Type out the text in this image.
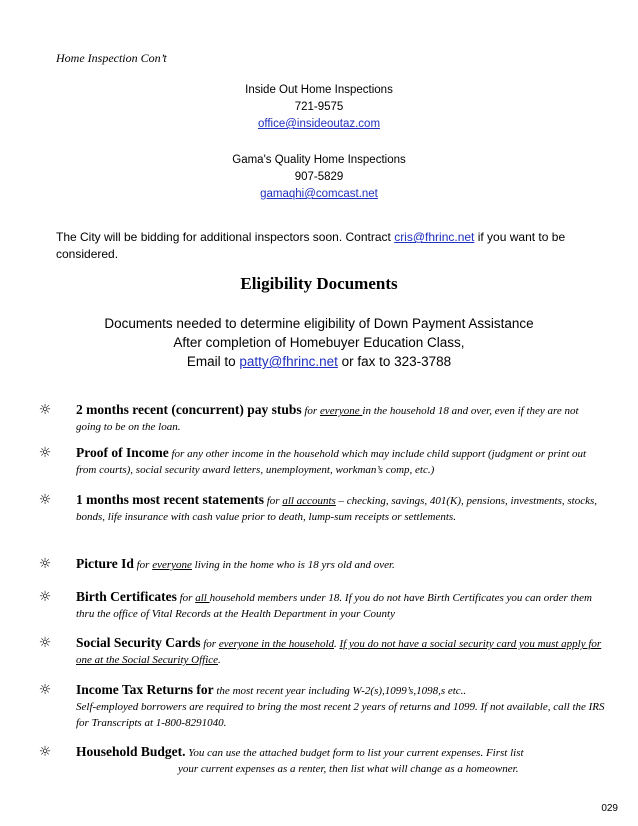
Home Inspection Con’t
Inside Out Home Inspections
721-9575
office@insideoutaz.com
Gama's Quality Home Inspections
907-5829
gamaqhi@comcast.net
The City will be bidding for additional inspectors soon. Contract cris@fhrinc.net if you want to be considered.
Eligibility Documents
Documents needed to determine eligibility of Down Payment Assistance
After completion of Homebuyer Education Class,
Email to patty@fhrinc.net or fax to 323-3788
☼ 2 months recent (concurrent) pay stubs for everyone in the household 18 and over, even if they are not going to be on the loan.
☼ Proof of Income for any other income in the household which may include child support (judgment or print out from courts), social security award letters, unemployment, workman’s comp, etc.)
☼ 1 months most recent statements for all accounts – checking, savings, 401(K), pensions, investments, stocks, bonds, life insurance with cash value prior to death, lump-sum receipts or settlements.
☼ Picture Id for everyone living in the home who is 18 yrs old and over.
☼ Birth Certificates for all household members under 18. If you do not have Birth Certificates you can order them thru the office of Vital Records at the Health Department in your County
☼ Social Security Cards for everyone in the household. If you do not have a social security card you must apply for one at the Social Security Office.
☼ Income Tax Returns for the most recent year including W-2(s),1099’s,1098,s etc..
Self-employed borrowers are required to bring the most recent 2 years of returns and 1099. If not available, call the IRS for Transcripts at 1-800-8291040.
☼ Household Budget. You can use the attached budget form to list your current expenses. First list
your current expenses as a renter, then list what will change as a homeowner.
029
